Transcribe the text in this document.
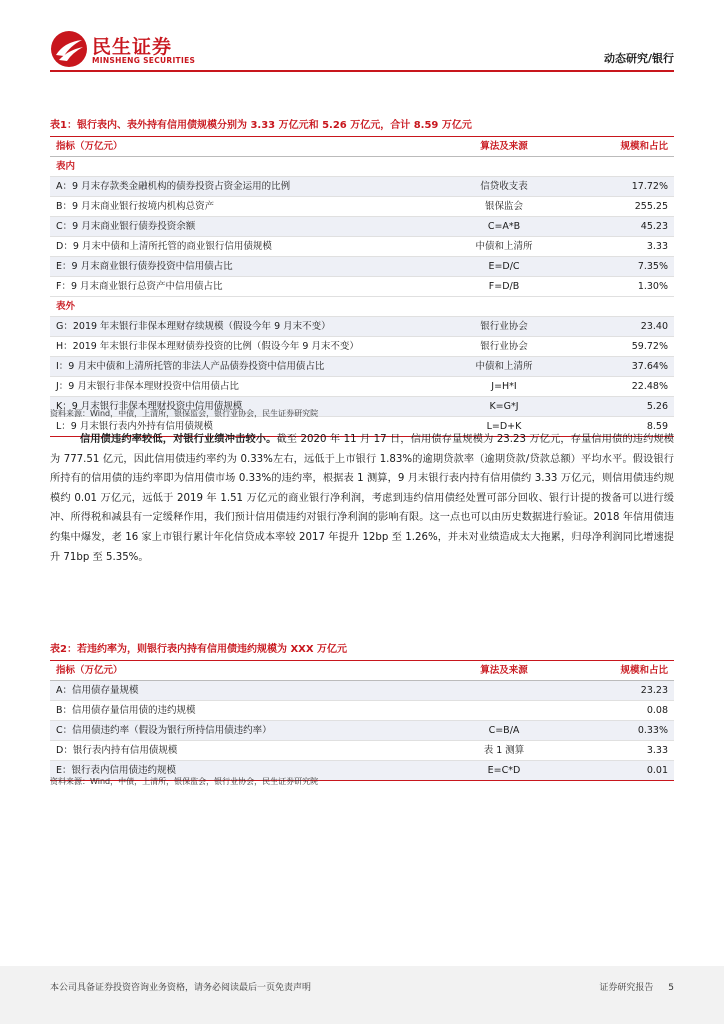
民生证券
MINSHENG SECURITIES	动态研究/银行
表1：银行表内、表外持有信用债规模分别为 3.33 万亿元和 5.26 万亿元，合计 8.59 万亿元
指标（万亿元）	算法及来源	规模和占比
表内		
A：9 月末存款类金融机构的债券投资占资金运用的比例	信贷收支表	17.72%
B：9 月末商业银行按境内机构总资产	银保监会	255.25
C：9 月末商业银行债券投资余额	C=A*B	45.23
D：9 月末中债和上清所托管的商业银行信用债规模	中债和上清所	3.33
E：9 月末商业银行债券投资中信用债占比	E=D/C	7.35%
F：9 月末商业银行总资产中信用债占比	F=D/B	1.30%
表外		
G：2019 年末银行非保本理财存续规模（假设今年 9 月末不变）	银行业协会	23.40
H：2019 年末银行非保本理财债券投资的比例（假设今年 9 月末不变）	银行业协会	59.72%
I：9 月末中债和上清所托管的非法人产品债券投资中信用债占比	中债和上清所	37.64%
J：9 月末银行非保本理财投资中信用债占比	J=H*I	22.48%
K：9 月末银行非保本理财投资中信用债规模	K=G*J	5.26
L：9 月末银行表内外持有信用债规模	L=D+K	8.59
资料来源：Wind，中债，上清所，银保监会，银行业协会，民生证券研究院
信用债违约率较低，对银行业绩冲击较小。截至 2020 年 11 月 17 日，信用债存量规模为 23.23 万亿元，存量信用债的违约规模为 777.51 亿元，因此信用债违约率约为 0.33%左右，远低于上市银行 1.83%的逾期贷款率（逾期贷款/贷款总额）平均水平。假设银行所持有的信用债的违约率即为信用债市场 0.33%的违约率，根据表 1 测算，9 月末银行表内持有信用债约 3.33 万亿元，则信用债违约规模约 0.01 万亿元，远低于 2019 年 1.51 万亿元的商业银行净利润，考虑到违约信用债经处置可部分回收、银行计提的拨备可以进行缓冲、所得税和减县有一定缓释作用，我们预计信用债违约对银行净利润的影响有限。这一点也可以由历史数据进行验证。2018 年信用债违约集中爆发，老 16 家上市银行累计年化信贷成本率较 2017 年提升 12bp 至 1.26%，并未对业绩造成太大拖累，归母净利润同比增速提升 71bp 至 5.35%。
表2：若违约率为，则银行表内持有信用债违约规模为 XXX 万亿元
指标（万亿元）	算法及来源	规模和占比
A：信用债存量规模		23.23
B：信用债存量信用债的违约规模		0.08
C：信用债违约率（假设为银行所持信用债违约率）	C=B/A	0.33%
D：银行表内持有信用债规模	表 1 测算	3.33
E：银行表内信用债违约规模	E=C*D	0.01
资料来源：Wind，中债，上清所，银保监会，银行业协会，民生证券研究院
本公司具备证券投资咨询业务资格，请务必阅读最后一页免责声明	证券研究报告 5
